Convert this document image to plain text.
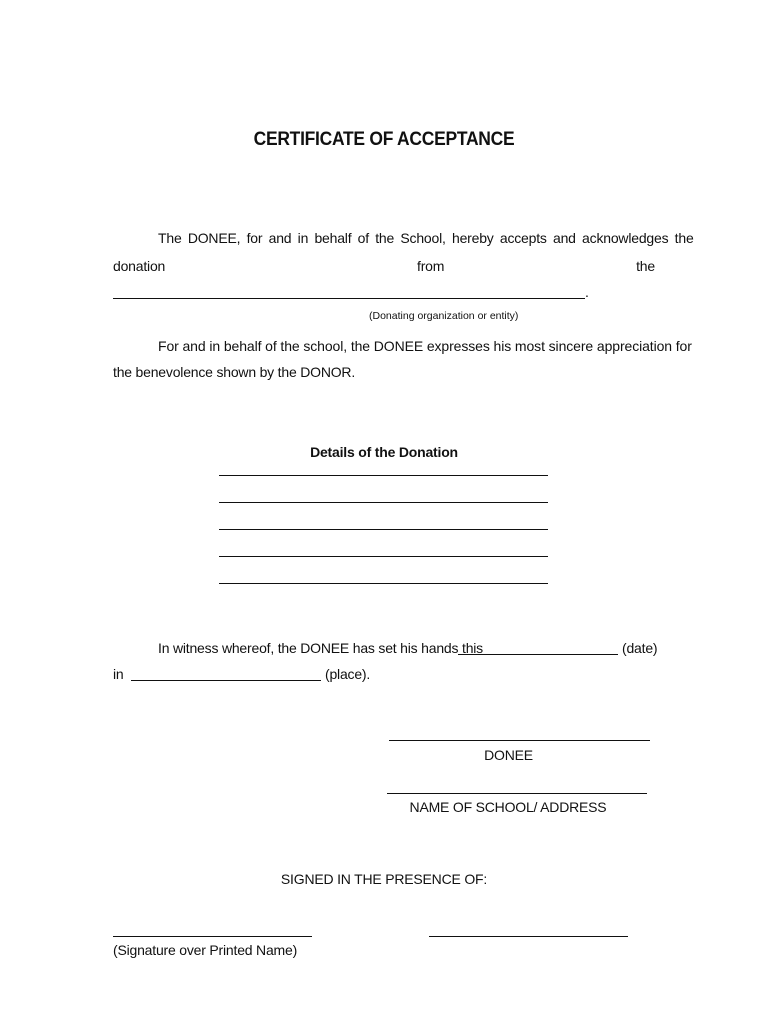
CERTIFICATE OF ACCEPTANCE
The DONEE, for and in behalf of the School, hereby accepts and acknowledges the
donation	from	the
.
(Donating organization or entity)
For and in behalf of the school, the DONEE expresses his most sincere appreciation for
the benevolence shown by the DONOR.
Details of the Donation
In witness whereof, the DONEE has set his hands this	(date)
in	(place).
DONEE
NAME OF SCHOOL/ ADDRESS
SIGNED IN THE PRESENCE OF:
(Signature over Printed Name)
